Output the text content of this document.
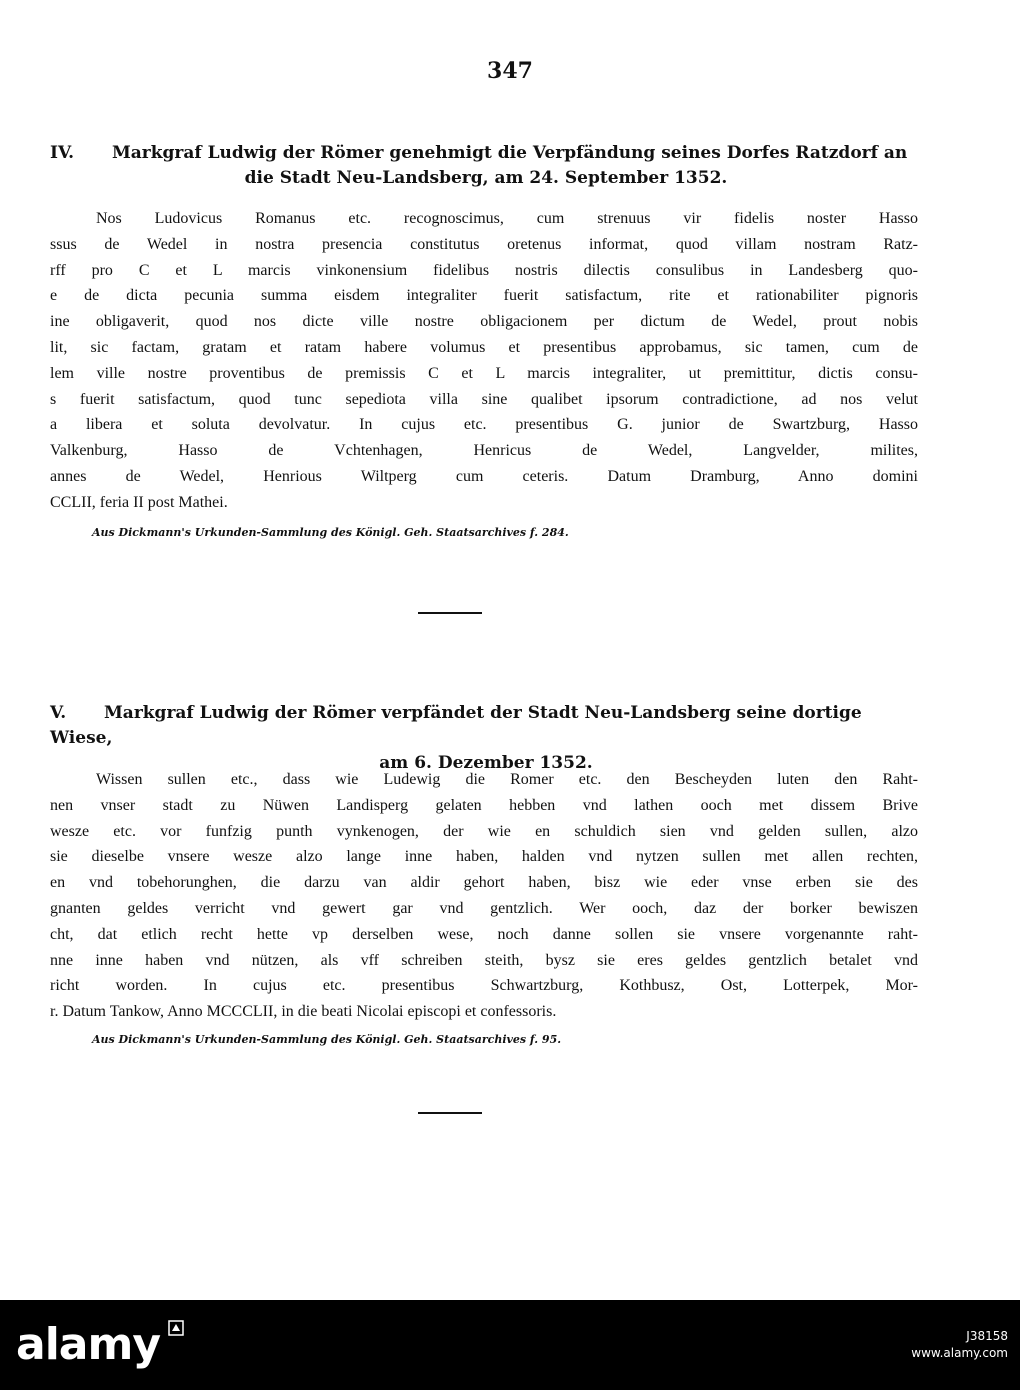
347
IV. Markgraf Ludwig der Römer genehmigt die Verpfändung seines Dorfes Ratzdorf an
die Stadt Neu-Landsberg, am 24. September 1352.
Nos Ludovicus Romanus etc. recognoscimus, cum strenuus vir fidelis noster Hasso
ssus de Wedel in nostra presencia constitutus oretenus informat, quod villam nostram Ratz-
rff pro C et L marcis vinkonensium fidelibus nostris dilectis consulibus in Landesberg quo-
e de dicta pecunia summa eisdem integraliter fuerit satisfactum, rite et rationabiliter pignoris
ine obligaverit, quod nos dicte ville nostre obligacionem per dictum de Wedel, prout nobis
lit, sic factam, gratam et ratam habere volumus et presentibus approbamus, sic tamen, cum de
lem ville nostre proventibus de premissis C et L marcis integraliter, ut premittitur, dictis consu-
s fuerit satisfactum, quod tunc sepediota villa sine qualibet ipsorum contradictione, ad nos velut
a libera et soluta devolvatur. In cujus etc. presentibus G. junior de Swartzburg, Hasso
Valkenburg, Hasso de Vchtenhagen, Henricus de Wedel, Langvelder, milites,
annes de Wedel, Henrious Wiltperg cum ceteris. Datum Dramburg, Anno domini
CCLII, feria II post Mathei.
Aus Dickmann's Urkunden-Sammlung des Königl. Geh. Staatsarchives f. 284.
V. Markgraf Ludwig der Römer verpfändet der Stadt Neu-Landsberg seine dortige Wiese,
am 6. Dezember 1352.
Wissen sullen etc., dass wie Ludewig die Romer etc. den Bescheyden luten den Raht-
nen vnser stadt zu Nüwen Landisperg gelaten hebben vnd lathen ooch met dissem Brive
wesze etc. vor funfzig punth vynkenogen, der wie en schuldich sien vnd gelden sullen, alzo
sie dieselbe vnsere wesze alzo lange inne haben, halden vnd nytzen sullen met allen rechten,
en vnd tobehorunghen, die darzu van aldir gehort haben, bisz wie eder vnse erben sie des
gnanten geldes verricht vnd gewert gar vnd gentzlich. Wer ooch, daz der borker bewiszen
cht, dat etlich recht hette vp derselben wese, noch danne sollen sie vnsere vorgenannte raht-
nne inne haben vnd nützen, als vff schreiben steith, bysz sie eres geldes gentzlich betalet vnd
richt worden. In cujus etc. presentibus Schwartzburg, Kothbusz, Ost, Lotterpek, Mor-
r. Datum Tankow, Anno MCCCLII, in die beati Nicolai episcopi et confessoris.
Aus Dickmann's Urkunden-Sammlung des Königl. Geh. Staatsarchives f. 95.
alamy	J38158
www.alamy.com
